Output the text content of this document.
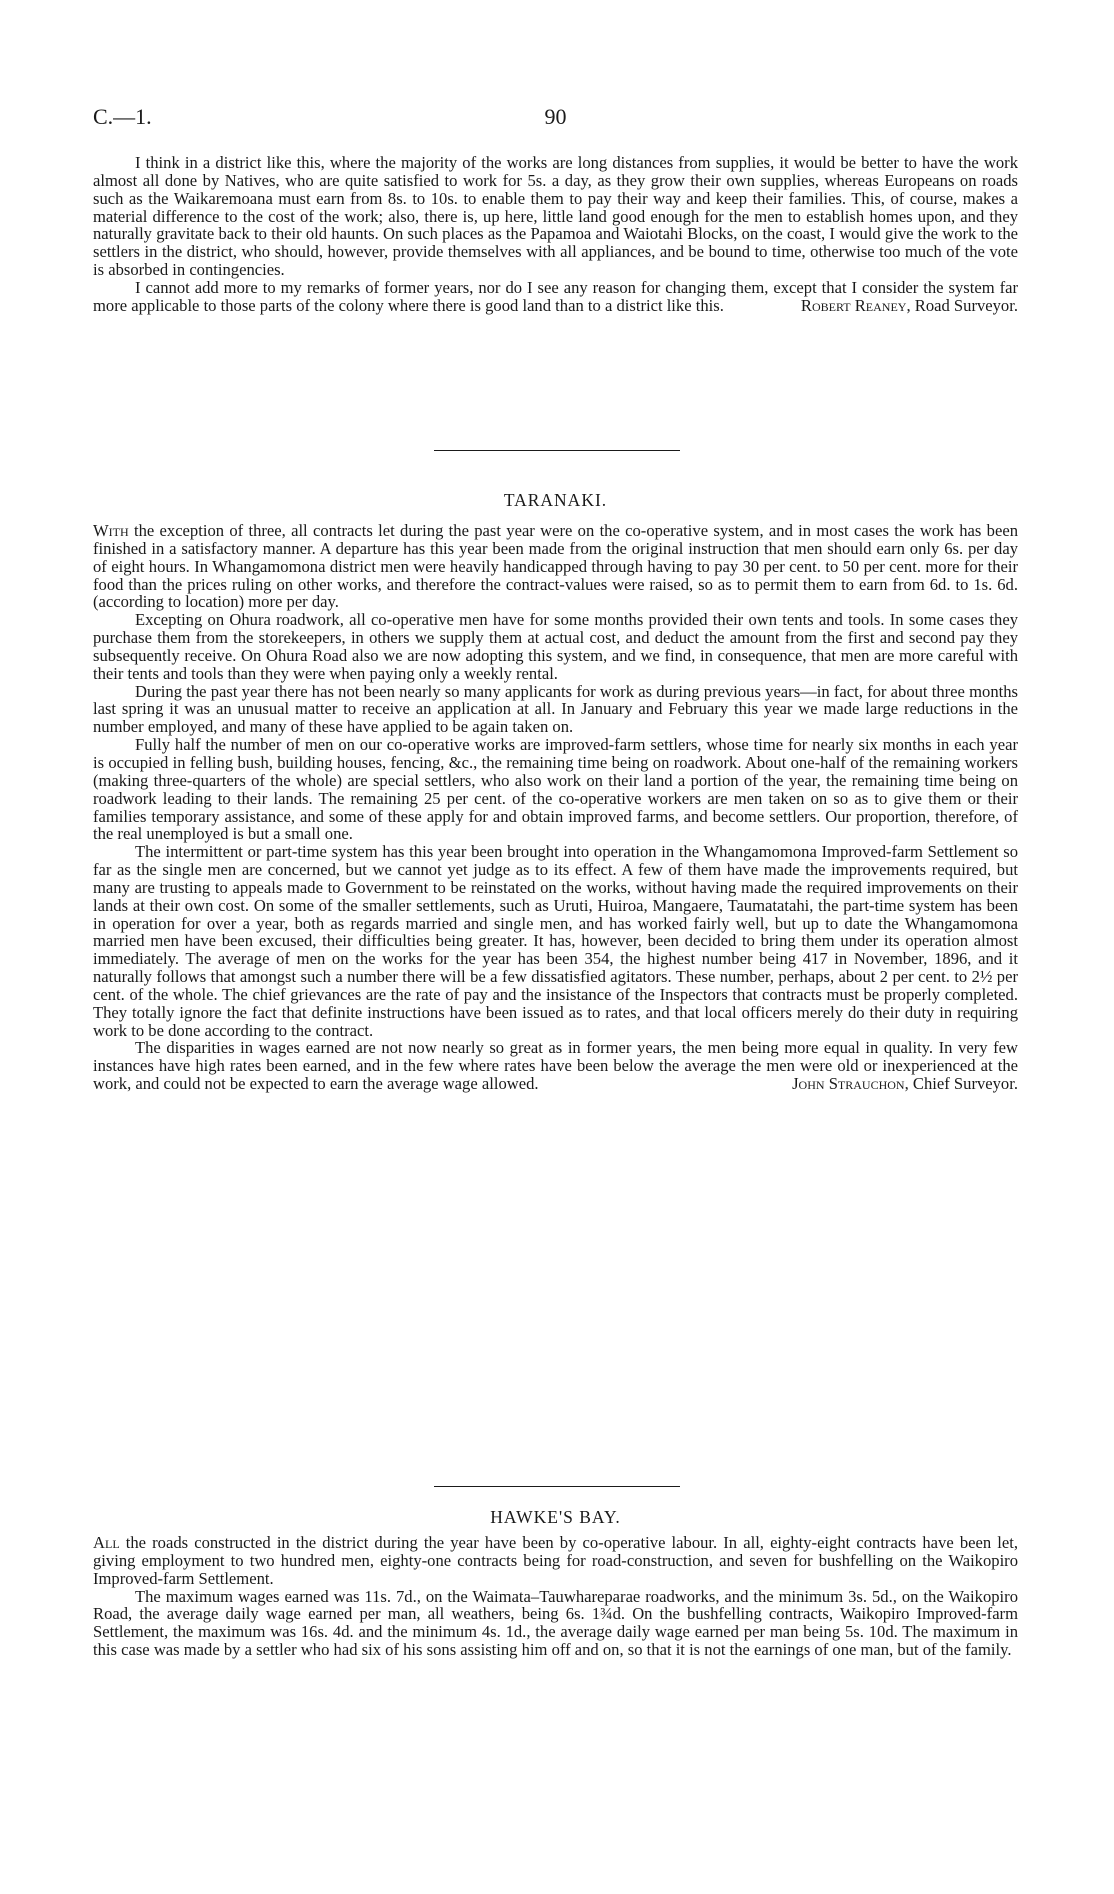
C.—1.	90

I think in a district like this, where the majority of the works are long distances from supplies, it would be better to have the work almost all done by Natives, who are quite satisfied to work for 5s. a day, as they grow their own supplies, whereas Europeans on roads such as the Waikaremoana must earn from 8s. to 10s. to enable them to pay their way and keep their families. This, of course, makes a material difference to the cost of the work; also, there is, up here, little land good enough for the men to establish homes upon, and they naturally gravitate back to their old haunts. On such places as the Papamoa and Waiotahi Blocks, on the coast, I would give the work to the settlers in the district, who should, however, provide themselves with all appliances, and be bound to time, otherwise too much of the vote is absorbed in contingencies.

I cannot add more to my remarks of former years, nor do I see any reason for changing them, except that I consider the system far more applicable to those parts of the colony where there is good land than to a district like this.	Robert Reaney, Road Surveyor.

TARANAKI.

With the exception of three, all contracts let during the past year were on the co-operative system, and in most cases the work has been finished in a satisfactory manner. A departure has this year been made from the original instruction that men should earn only 6s. per day of eight hours. In Whangamomona district men were heavily handicapped through having to pay 30 per cent. to 50 per cent. more for their food than the prices ruling on other works, and therefore the contract-values were raised, so as to permit them to earn from 6d. to 1s. 6d. (according to location) more per day.

Excepting on Ohura roadwork, all co-operative men have for some months provided their own tents and tools. In some cases they purchase them from the storekeepers, in others we supply them at actual cost, and deduct the amount from the first and second pay they subsequently receive. On Ohura Road also we are now adopting this system, and we find, in consequence, that men are more careful with their tents and tools than they were when paying only a weekly rental.

During the past year there has not been nearly so many applicants for work as during previous years—in fact, for about three months last spring it was an unusual matter to receive an application at all. In January and February this year we made large reductions in the number employed, and many of these have applied to be again taken on.

Fully half the number of men on our co-operative works are improved-farm settlers, whose time for nearly six months in each year is occupied in felling bush, building houses, fencing, &c., the remaining time being on roadwork. About one-half of the remaining workers (making three-quarters of the whole) are special settlers, who also work on their land a portion of the year, the remaining time being on roadwork leading to their lands. The remaining 25 per cent. of the co-operative workers are men taken on so as to give them or their families temporary assistance, and some of these apply for and obtain improved farms, and become settlers. Our proportion, therefore, of the real unemployed is but a small one.

The intermittent or part-time system has this year been brought into operation in the Whangamomona Improved-farm Settlement so far as the single men are concerned, but we cannot yet judge as to its effect. A few of them have made the improvements required, but many are trusting to appeals made to Government to be reinstated on the works, without having made the required improvements on their lands at their own cost. On some of the smaller settlements, such as Uruti, Huiroa, Mangaere, Taumatatahi, the part-time system has been in operation for over a year, both as regards married and single men, and has worked fairly well, but up to date the Whangamomona married men have been excused, their difficulties being greater. It has, however, been decided to bring them under its operation almost immediately. The average of men on the works for the year has been 354, the highest number being 417 in November, 1896, and it naturally follows that amongst such a number there will be a few dissatisfied agitators. These number, perhaps, about 2 per cent. to 2½ per cent. of the whole. The chief grievances are the rate of pay and the insistance of the Inspectors that contracts must be properly completed. They totally ignore the fact that definite instructions have been issued as to rates, and that local officers merely do their duty in requiring work to be done according to the contract.

The disparities in wages earned are not now nearly so great as in former years, the men being more equal in quality. In very few instances have high rates been earned, and in the few where rates have been below the average the men were old or inexperienced at the work, and could not be expected to earn the average wage allowed.	John Strauchon, Chief Surveyor.

HAWKE'S BAY.

All the roads constructed in the district during the year have been by co-operative labour. In all, eighty-eight contracts have been let, giving employment to two hundred men, eighty-one contracts being for road-construction, and seven for bushfelling on the Waikopiro Improved-farm Settlement.

The maximum wages earned was 11s. 7d., on the Waimata–Tauwhareparae roadworks, and the minimum 3s. 5d., on the Waikopiro Road, the average daily wage earned per man, all weathers, being 6s. 1¾d. On the bushfelling contracts, Waikopiro Improved-farm Settlement, the maximum was 16s. 4d. and the minimum 4s. 1d., the average daily wage earned per man being 5s. 10d. The maximum in this case was made by a settler who had six of his sons assisting him off and on, so that it is not the earnings of one man, but of the family.
